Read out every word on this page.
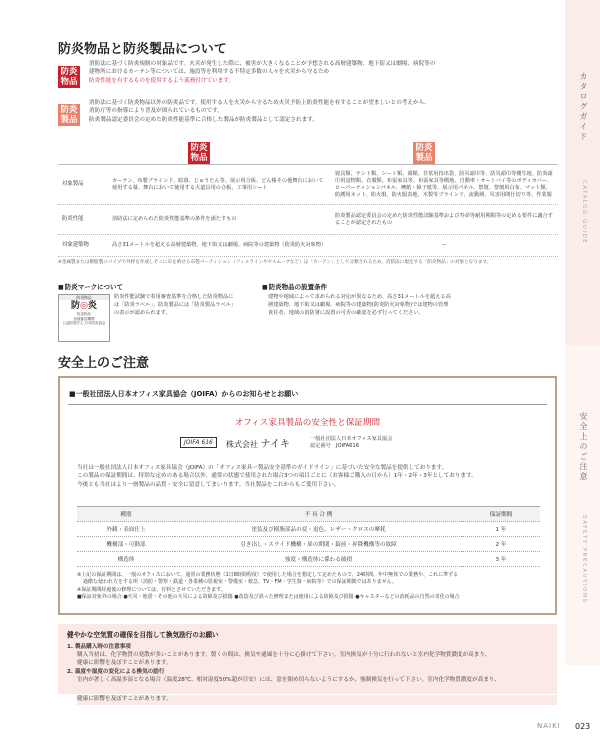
カタログガイド
CATALOG GUIDE
安全上のご注意
SAFETY PRECAUTIONS
防炎物品と防炎製品について
防炎
物品
消防法に基づく防炎規制の対象品です。火災が発生した際に、被害が大きくなることが予想される高層建築物、地下街又は劇場、病院等の
建物所におけるカーテン等については、施設等を利用する不特定多数の人々を火災から守るため
防炎性能を有するものを使用するよう義務付けています。
防炎
製品
消防法に基づく防炎物品以外の防炎品です。使用する人を火災から守るため火災予防上防炎性能を有することが望ましいとの考えから、
消防庁等の指導により普及が図られているものです。
防炎製品認定委員会の定めた防炎性能基準に合格した製品が防炎製品として認定されます。
防炎
物品
防炎
製品
対象製品	カーテン、布製ブラインド、暗幕、じゅうたん等、展示用合板、どん帳その他舞台において使用する幕、舞台において使用する大道具用の合板、工事用シート	寝具類、テント類、シート類、幕類、非常用持出袋、防災頭巾等、防災頭巾等側生地、防炎頭巾用詰物類、衣服類、布張家具等、布張家具等側地、自動車・オートバイ等のボディカバー、ローパーティションパネル、襖紙・障子紙等、展示用パネル、祭壇、祭壇用白布、マット類、防護用ネット、防火服、防火服表地、木製等ブラインド、流動層、災害用間仕切り等、作業服
防炎性能	消防法に定められた防炎性能基準の条件を満たすもの	防炎製品認定委員会の定めた防炎性能試験基準および寿命等耐用期間等の定める要件に適合することが認定されたもの
対象建築物	高さ31メートルを超える高層建築物、地下街又は劇場、病院等の建築物（防炎防火対象物）	ー
※金属製または樹脂製のパイプで外枠を作成しそこに布を被せる布製パーティション（フィルラインやセルムーブなど）は「カーテン」として分類されるため、消防法に規定する「防炎物品」の対象となります。
■ 防炎マークについて
防炎物品
防◎炎
防炎物品
登録確認機関
公益財団法人 日本防炎協会
防炎性能試験で着用審査基準を合格した防炎物品には「防炎ラベル」、防炎製品には「防炎製品ラベル」の表示が認められます。
■ 防炎物品の設置条件
建物や地域によって求められる対応が異なるため、高さ31メートルを超える高層建築物、地下街又は劇場、病院等の建築物(防炎防火対象物)では建物の管理責任者、地域の消防署に設置の可否の確認を必ず行ってください。
安全上のご注意
■一般社団法人日本オフィス家具協会（JOIFA）からのお知らせとお願い
オフィス家具製品の安全性と保証期間
JOIFA 616	株式会社 ナイキ	一般社団法人日本オフィス家具協会
認定番号　JOIFA616
当社は一般社団法人日本オフィス家具協会（JOIFA）の「オフィス家具ー製品安全基準のガイドライン」に基づいた安全な製品を提供しております。
この製品の保証期間は、特別な定めのある場合以外、通常の状態で使用された場合3つの項目ごとに（お客様ご購入の日から）1年・2年・3年としております。
今後とも当社はより一層製品の品質・安全に留意してまいります。当社製品をこれからもご愛用下さい。
種別	不 具 合 例	保証期間
外観・表面仕上	塗装及び樹脂部品の変・退色、レザー・クロスの摩耗	1 年
機構部・可動部	引き出し・スライド機構・扉の開閉・錠前・昇降機構等の故障	2 年
構造体	強度・構造体に係わる破損	3 年
※上記の保証期間は、一般のオフィスにおいて、通常の業務状態（1日8時間程度）で使用した場合を想定して定めたもので、24時間、年中無休での業務や、これに準ずる
過酷な使われ方をする所（消防・警察・鉄道・各業種の監視室・警備室・救急、TV・FM・学生寮・病院等）での保証期間ではありません。
※保証期間経過後の修理については、有料とさせていただきます。
■保証対象外の場合 ●火災・地震・その他の天災による故障及び損傷 ●改造及び誤った修理または使用による故障及び損傷 ●キャスターなどの消耗品の自然の劣化の場合
健やかな空気質の確保を目指して換気励行のお願い
1. 製品購入時の注意事項
購入当初は、化学物質の発散が多いことがあります。製くの間は、換気や通風を十分に心掛けて下さい。室内換気が十分に行われないと室内化学物質濃度が高まり、
健康に影響を及ぼすことがあります。
2. 温度や湿度の変化による換気の励行
室内が著しく高温多湿となる場合（温度28℃、相対湿度50%超が目安）には、窓を閉め切らないようにするか、強制換気を行って下さい。室内化学物質濃度が高まり、
健康に影響を及ぼすことがあります。
NAIKI 023
